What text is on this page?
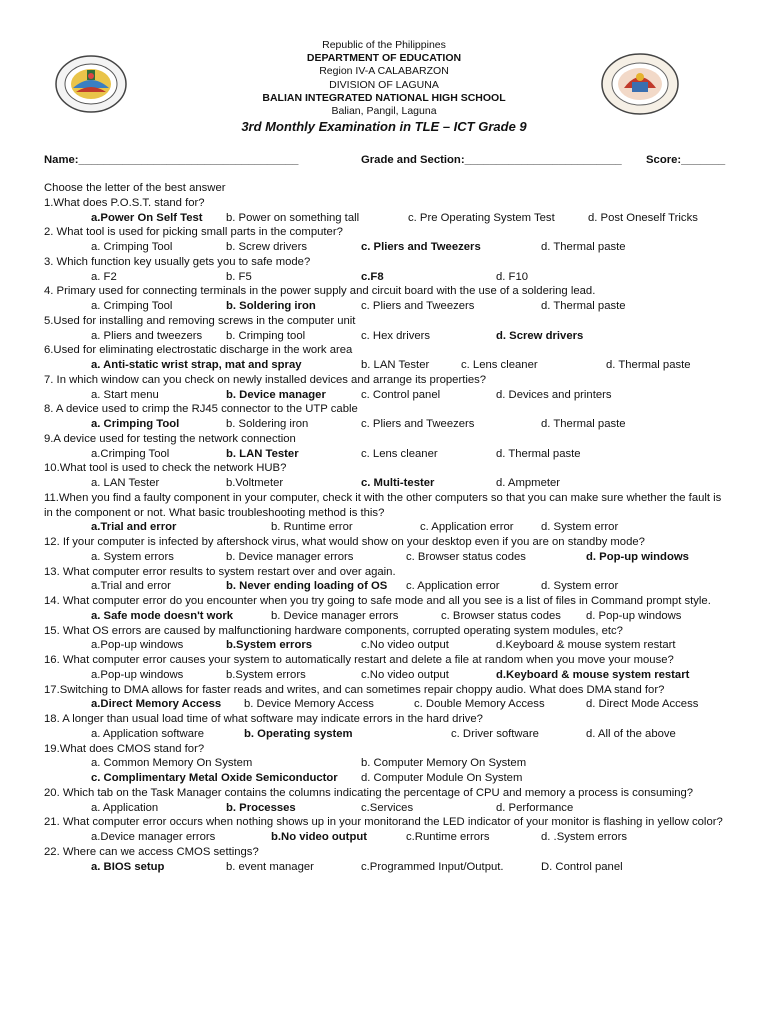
Republic of the Philippines
DEPARTMENT OF EDUCATION
Region IV-A CALABARZON
DIVISION OF LAGUNA
BALIAN INTEGRATED NATIONAL HIGH SCHOOL
Balian, Pangil, Laguna
3rd Monthly Examination in TLE – ICT Grade 9
Name:___________________________________	Grade and Section:_________________________ Score:_______
Choose the letter of the best answer
1.What does P.O.S.T. stand for?
a.Power On Self Test b. Power on something tall	c. Pre Operating System Test	d. Post Oneself Tricks
2. What tool is used for picking small parts in the computer?
a. Crimping Tool	b. Screw drivers	c. Pliers and Tweezers	d. Thermal paste
3. Which function key usually gets you to safe mode?
a. F2	b. F5	c.F8	d. F10
4. Primary used for connecting terminals in the power supply and circuit board with the use of a soldering lead.
a. Crimping Tool	b. Soldering iron	c. Pliers and Tweezers	d. Thermal paste
5.Used for installing and removing screws in the computer unit
a. Pliers and tweezers b. Crimping tool	c. Hex drivers	d. Screw drivers
6.Used for eliminating electrostatic discharge in the work area
a. Anti-static wrist strap, mat and spray	b. LAN Tester	c. Lens cleaner	d. Thermal paste
7. In which window can you check on newly installed devices and arrange its properties?
a. Start menu	b. Device manager	c. Control panel	d. Devices and printers
8. A device used to crimp the RJ45 connector to the UTP cable
a. Crimping Tool	b. Soldering iron	c. Pliers and Tweezers	d. Thermal paste
9.A device used for testing the network connection
a.Crimping Tool	b. LAN Tester	c. Lens cleaner	d. Thermal paste
10.What tool is used to check the network HUB?
a. LAN Tester	b.Voltmeter	c. Multi-tester	d. Ampmeter
11.When you find a faulty component in your computer, check it with the other computers so that you can make sure whether the fault is in the component or not. What basic troubleshooting method is this?
a.Trial and error	b. Runtime error	c. Application error d. System error
12. If your computer is infected by aftershock virus, what would show on your desktop even if you are on standby mode?
a. System errors	b. Device manager errors	c. Browser status codes	d. Pop-up windows
13. What computer error results to system restart over and over again.
a.Trial and error	b. Never ending loading of OS c. Application error	d. System error
14. What computer error do you encounter when you try going to safe mode and all you see is a list of files in Command prompt style.
a. Safe mode doesn't work	b. Device manager errors	c. Browser status codes d. Pop-up windows
15. What OS errors are caused by malfunctioning hardware components, corrupted operating system modules, etc?
a.Pop-up windows	b.System errors	c.No video output	d.Keyboard & mouse system restart
16. What computer error causes your system to automatically restart and delete a file at random when you move your mouse?
a.Pop-up windows	b.System errors	c.No video output	d.Keyboard & mouse system restart
17.Switching to DMA allows for faster reads and writes, and can sometimes repair choppy audio. What does DMA stand for?
a.Direct Memory Access b. Device Memory Access	c. Double Memory Access	d. Direct Mode Access
18. A longer than usual load time of what software may indicate errors in the hard drive?
a. Application software	b. Operating system	c. Driver software	d. All of the above
19.What does CMOS stand for?
a. Common Memory On System	b. Computer Memory On System
c. Complimentary Metal Oxide Semiconductor d. Computer Module On System
20. Which tab on the Task Manager contains the columns indicating the percentage of CPU and memory a process is consuming?
a. Application	b. Processes	c.Services	d. Performance
21. What computer error occurs when nothing shows up in your monitorand the LED indicator of your monitor is flashing in yellow color?
a.Device manager errors	b.No video output	c.Runtime errors	d. .System errors
22. Where can we access CMOS settings?
a. BIOS setup	b. event manager	c.Programmed Input/Output.	D. Control panel
